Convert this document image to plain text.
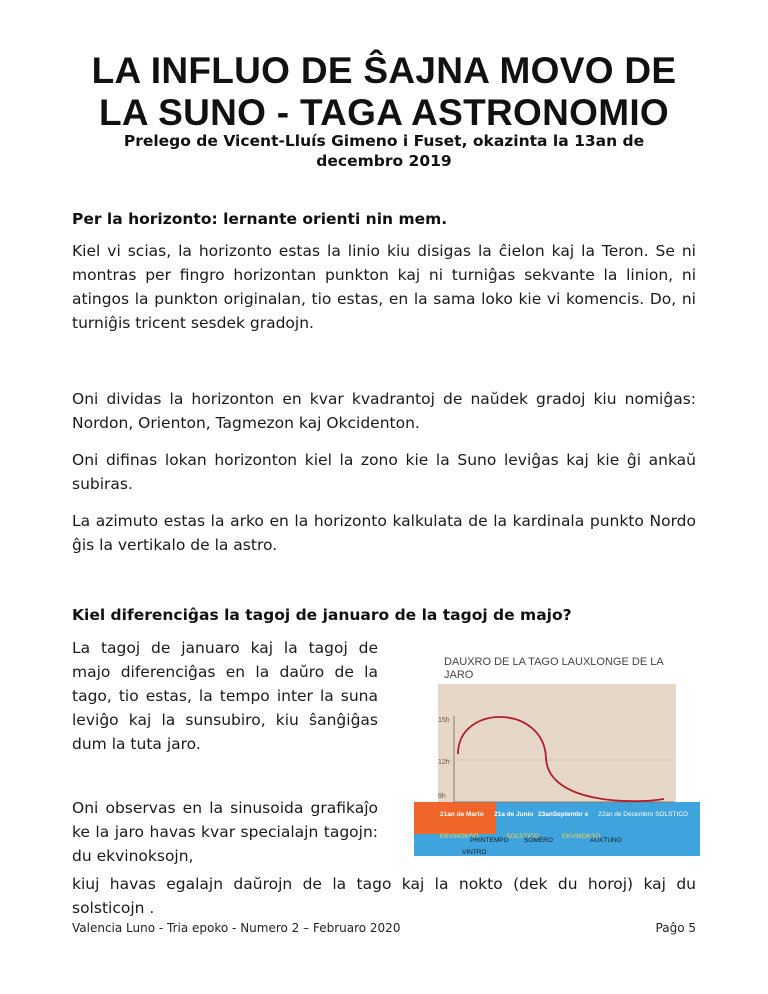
LA INFLUO DE ŜAJNA MOVO DE
LA SUNO - TAGA ASTRONOMIO
Prelego de Vicent-Lluís Gimeno i Fuset, okazinta la 13an de
decembro 2019
Per la horizonto: lernante orienti nin mem.
Kiel vi scias, la horizonto estas la linio kiu disigas la ĉielon kaj la Teron. Se ni montras per fingro horizontan punkton kaj ni turniĝas sekvante la linion, ni atingos la punkton originalan, tio estas, en la sama loko kie vi komencis. Do, ni turniĝis tricent sesdek gradojn.
Oni dividas la horizonton en kvar kvadrantoj de naŭdek gradoj kiu nomiĝas: Nordon, Orienton, Tagmezon kaj Okcidenton.
Oni difinas lokan horizonton kiel la zono kie la Suno leviĝas kaj kie ĝi ankaŭ subiras.
La azimuto estas la arko en la horizonto kalkulata de la kardinala punkto Nordo ĝis la vertikalo de la astro.
Kiel diferenciĝas la tagoj de januaro de la tagoj de majo?
La tagoj de januaro kaj la tagoj de majo diferenciĝas en la daŭro de la tago, tio estas, la tempo inter la suna leviĝo kaj la sunsubiro, kiu ŝanĝiĝas dum la tuta jaro.
Oni observas en la sinusoida grafikaĵo ke la jaro havas kvar specialajn tagojn: du ekvinoksojn,
kiuj havas egalajn daŭrojn de la tago kaj la nokto (dek du horoj) kaj du solsticojn .
DAUXRO DE LA TAGO LAUXLONGE DE LA JARO
15h
12h
9h
21an de Marto 21a de Junio 23anSeptembr e 22an de Decembro SOLSTICO
EKVINOKSO	SOLSTICO	EKVINOKSO
PRINTEMPO SOMERO	AUXTUNO
VINTRO
Valencia Luno - Tria epoko - Numero 2 – Februaro 2020	Paĝo 5
